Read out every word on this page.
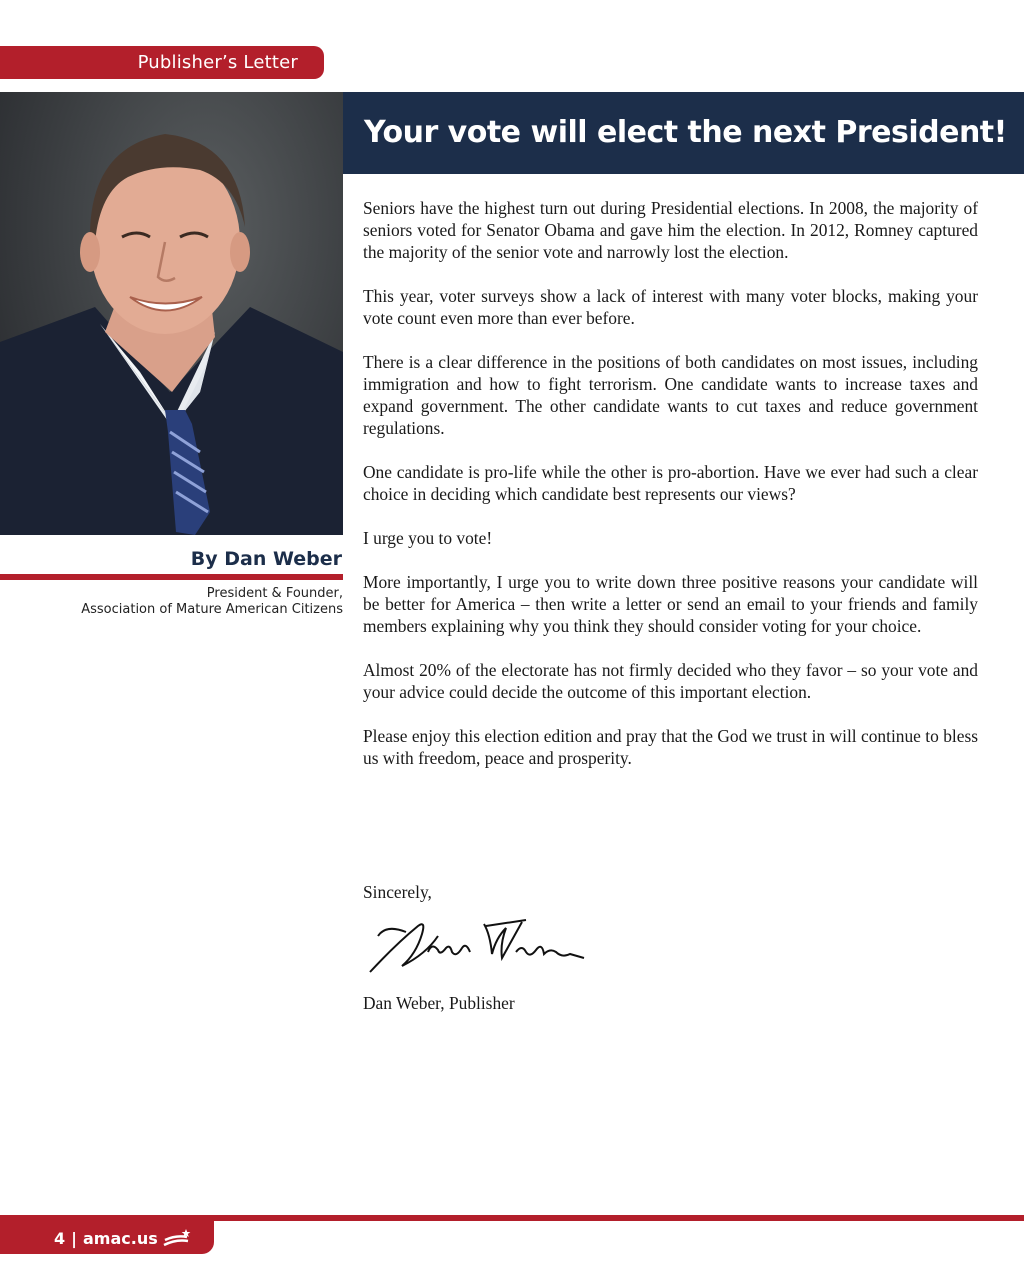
Publisher’s Letter
Your vote will elect the next President!
By Dan Weber
President & Founder,
Association of Mature American Citizens

Seniors have the highest turn out during Presidential elections. In 2008, the majority of seniors voted for Senator Obama and gave him the election. In 2012, Romney captured the majority of the senior vote and narrowly lost the election.

This year, voter surveys show a lack of interest with many voter blocks, making your vote count even more than ever before.

There is a clear difference in the positions of both candidates on most issues, including immigration and how to fight terrorism. One candidate wants to increase taxes and expand government. The other candidate wants to cut taxes and reduce government regulations.

One candidate is pro-life while the other is pro-abortion. Have we ever had such a clear choice in deciding which candidate best represents our views?

I urge you to vote!

More importantly, I urge you to write down three positive reasons your candidate will be better for America – then write a letter or send an email to your friends and family members explaining why you think they should consider voting for your choice.

Almost 20% of the electorate has not firmly decided who they favor – so your vote and your advice could decide the outcome of this important election.

Please enjoy this election edition and pray that the God we trust in will continue to bless us with freedom, peace and prosperity.

Sincerely,
Dan Weber, Publisher
4 | amac.us
